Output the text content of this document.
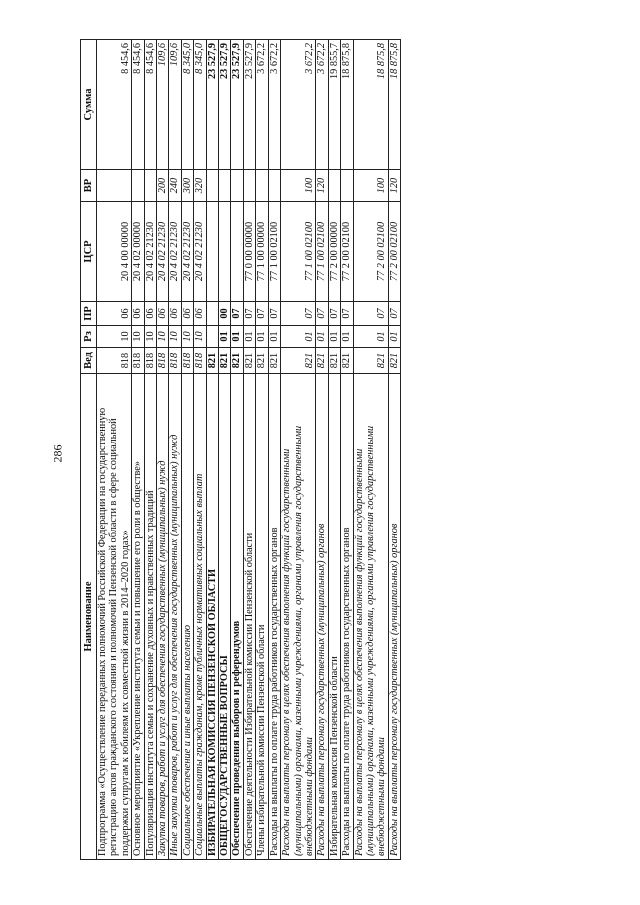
286
Наименование	Вед	Рз	ПР	ЦСР	ВР	Сумма
Подпрограмма «Осуществление переданных полномочий Российской Федерации на государственную регистрацию актов гражданского состояния и полномочий Пензенской области в сфере социальной поддержки супругам к юбилеям их совместной жизни в 2014–2020 годах»	818	10	06	20 4 00 00000		8 454,6
Основное мероприятие «Укрепление института семьи и повышение его роли в обществе»	818	10	06	20 4 02 00000		8 454,6
Популяризация института семьи и сохранение духовных и нравственных традиций	818	10	06	20 4 02 21230		8 454,6
Закупка товаров, работ и услуг для обеспечения государственных (муниципальных) нужд	818	10	06	20 4 02 21230	200	109,6
Иные закупки товаров, работ и услуг для обеспечения государственных (муниципальных) нужд	818	10	06	20 4 02 21230	240	109,6
Социальное обеспечение и иные выплаты населению	818	10	06	20 4 02 21230	300	8 345,0
Социальные выплаты гражданам, кроме публичных нормативных социальных выплат	818	10	06	20 4 02 21230	320	8 345,0
ИЗБИРАТЕЛЬНАЯ КОМИССИЯ ПЕНЗЕНСКОЙ ОБЛАСТИ	821					23 527,9
ОБЩЕГОСУДАРСТВЕННЫЕ ВОПРОСЫ	821	01	00			23 527,9
Обеспечение проведения выборов и референдумов	821	01	07			23 527,9
Обеспечение деятельности Избирательной комиссии Пензенской области	821	01	07	77 0 00 00000		23 527,9
Члены избирательной комиссии Пензенской области	821	01	07	77 1 00 00000		3 672,2
Расходы на выплаты по оплате труда работников государственных органов	821	01	07	77 1 00 02100		3 672,2
Расходы на выплаты персоналу в целях обеспечения выполнения функций государственными (муниципальными) органами, казенными учреждениями, органами управления государственными внебюджетными фондами	821	01	07	77 1 00 02100	100	3 672,2
Расходы на выплаты персоналу государственных (муниципальных) органов	821	01	07	77 1 00 02100	120	3 672,2
Избирательная комиссия Пензенской области	821	01	07	77 2 00 00000		19 855,7
Расходы на выплаты по оплате труда работников государственных органов	821	01	07	77 2 00 02100		18 875,8
Расходы на выплаты персоналу в целях обеспечения выполнения функций государственными (муниципальными) органами, казенными учреждениями, органами управления государственными внебюджетными фондами	821	01	07	77 2 00 02100	100	18 875,8
Расходы на выплаты персоналу государственных (муниципальных) органов	821	01	07	77 2 00 02100	120	18 875,8
